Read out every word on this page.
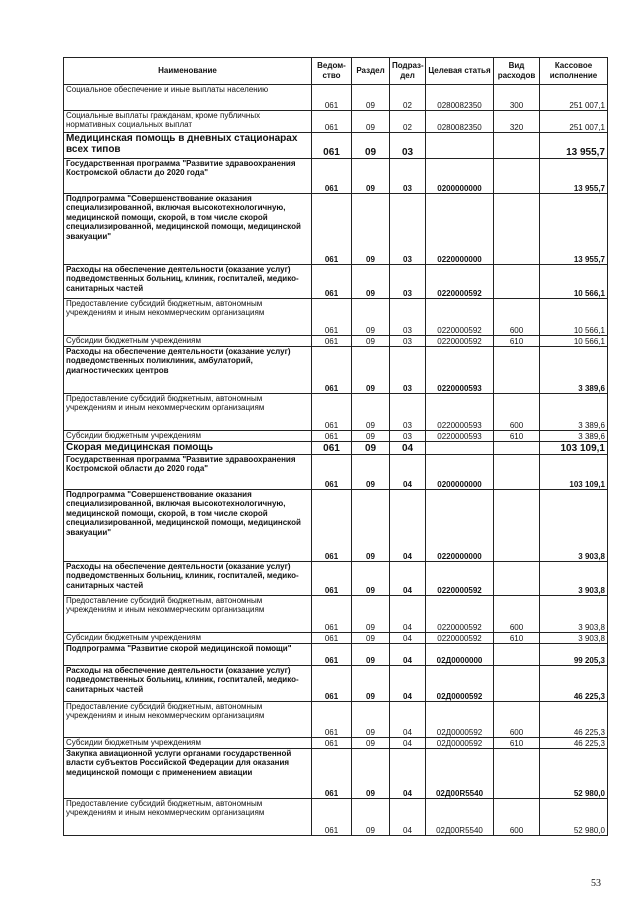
Наименование	Ведом-ство	Раздел	Подраз-дел	Целевая статья	Вид расходов	Кассовое исполнение
Социальное обеспечение и иные выплаты населению	061	09	02	0280082350	300	251 007,1
Социальные выплаты гражданам, кроме публичных нормативных социальных выплат	061	09	02	0280082350	320	251 007,1
Медицинская помощь в дневных стационарах всех типов	061	09	03			13 955,7
Государственная программа "Развитие здравоохранения Костромской области до 2020 года"	061	09	03	0200000000		13 955,7
Подпрограмма "Совершенствование оказания специализированной, включая высокотехнологичную, медицинской помощи, скорой, в том числе скорой специализированной, медицинской помощи, медицинской эвакуации"	061	09	03	0220000000		13 955,7
Расходы на обеспечение деятельности (оказание услуг) подведомственных больниц, клиник, госпиталей, медико-санитарных частей	061	09	03	0220000592		10 566,1
Предоставление субсидий бюджетным, автономным учреждениям и иным некоммерческим организациям	061	09	03	0220000592	600	10 566,1
Субсидии бюджетным учреждениям	061	09	03	0220000592	610	10 566,1
Расходы на обеспечение деятельности (оказание услуг) подведомственных поликлиник, амбулаторий, диагностических центров	061	09	03	0220000593		3 389,6
Предоставление субсидий бюджетным, автономным учреждениям и иным некоммерческим организациям	061	09	03	0220000593	600	3 389,6
Субсидии бюджетным учреждениям	061	09	03	0220000593	610	3 389,6
Скорая медицинская помощь	061	09	04			103 109,1
Государственная программа "Развитие здравоохранения Костромской области до 2020 года"	061	09	04	0200000000		103 109,1
Подпрограмма "Совершенствование оказания специализированной, включая высокотехнологичную, медицинской помощи, скорой, в том числе скорой специализированной, медицинской помощи, медицинской эвакуации"	061	09	04	0220000000		3 903,8
Расходы на обеспечение деятельности (оказание услуг) подведомственных больниц, клиник, госпиталей, медико-санитарных частей	061	09	04	0220000592		3 903,8
Предоставление субсидий бюджетным, автономным учреждениям и иным некоммерческим организациям	061	09	04	0220000592	600	3 903,8
Субсидии бюджетным учреждениям	061	09	04	0220000592	610	3 903,8
Подпрограмма "Развитие скорой медицинской помощи"	061	09	04	02Д0000000		99 205,3
Расходы на обеспечение деятельности (оказание услуг) подведомственных больниц, клиник, госпиталей, медико-санитарных частей	061	09	04	02Д0000592		46 225,3
Предоставление субсидий бюджетным, автономным учреждениям и иным некоммерческим организациям	061	09	04	02Д0000592	600	46 225,3
Субсидии бюджетным учреждениям	061	09	04	02Д0000592	610	46 225,3
Закупка авиационной услуги органами государственной власти субъектов Российской Федерации для оказания медицинской помощи с применением авиации	061	09	04	02Д00R5540		52 980,0
Предоставление субсидий бюджетным, автономным учреждениям и иным некоммерческим организациям	061	09	04	02Д00R5540	600	52 980,0
53
